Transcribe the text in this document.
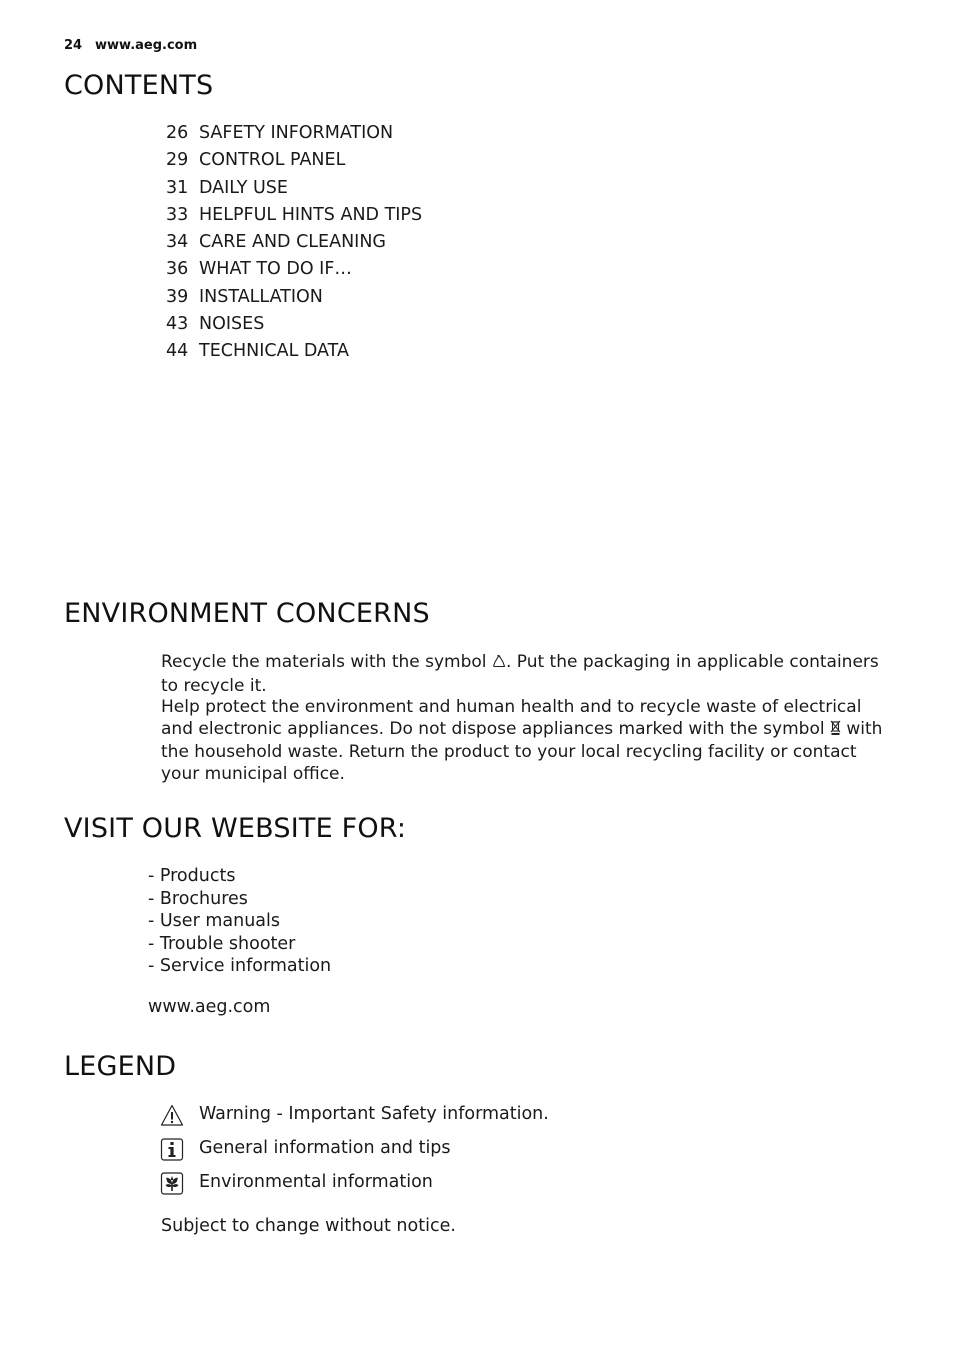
24 www.aeg.com
CONTENTS
26 SAFETY INFORMATION
29 CONTROL PANEL
31 DAILY USE
33 HELPFUL HINTS AND TIPS
34 CARE AND CLEANING
36 WHAT TO DO IF…
39 INSTALLATION
43 NOISES
44 TECHNICAL DATA
ENVIRONMENT CONCERNS

Recycle the materials with the symbol . Put the packaging in applicable containers to recycle it.

Help protect the environment and human health and to recycle waste of electrical and electronic appliances. Do not dispose appliances marked with the symbol with the household waste. Return the product to your local recycling facility or contact your municipal office.

VISIT OUR WEBSITE FOR:
- Products
- Brochures
- User manuals
- Trouble shooter
- Service information
www.aeg.com
LEGEND
Warning - Important Safety information.
General information and tips
Environmental information
Subject to change without notice.
